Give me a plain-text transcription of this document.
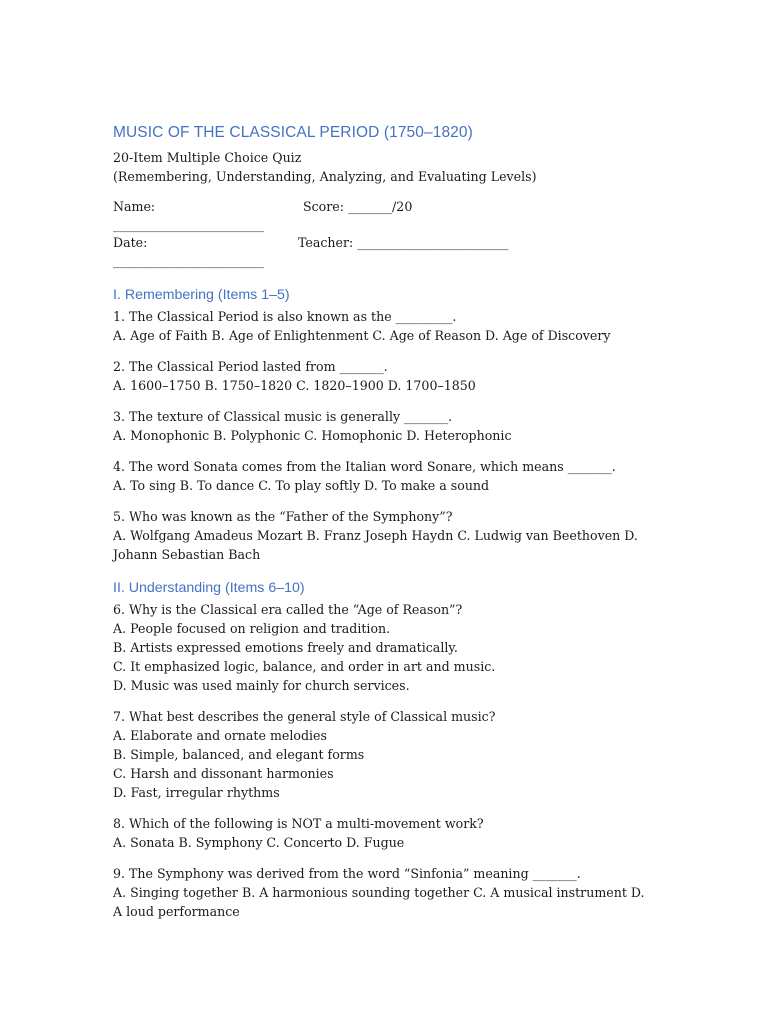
MUSIC OF THE CLASSICAL PERIOD (1750–1820)

20-Item Multiple Choice Quiz

(Remembering, Understanding, Analyzing, and Evaluating Levels)

Name: ________________________
Score: _______/20
Date: ________________________
Teacher: ________________________
I. Remembering (Items 1–5)

1. The Classical Period is also known as the _________.

A. Age of Faith B. Age of Enlightenment C. Age of Reason D. Age of Discovery

2. The Classical Period lasted from _______.

A. 1600–1750 B. 1750–1820 C. 1820–1900 D. 1700–1850

3. The texture of Classical music is generally _______.

A. Monophonic B. Polyphonic C. Homophonic D. Heterophonic

4. The word Sonata comes from the Italian word Sonare, which means _______.

A. To sing B. To dance C. To play softly D. To make a sound

5. Who was known as the “Father of the Symphony”?

A. Wolfgang Amadeus Mozart B. Franz Joseph Haydn C. Ludwig van Beethoven D. Johann Sebastian Bach

II. Understanding (Items 6–10)

6. Why is the Classical era called the “Age of Reason”?

A. People focused on religion and tradition.

B. Artists expressed emotions freely and dramatically.

C. It emphasized logic, balance, and order in art and music.

D. Music was used mainly for church services.

7. What best describes the general style of Classical music?

A. Elaborate and ornate melodies

B. Simple, balanced, and elegant forms

C. Harsh and dissonant harmonies

D. Fast, irregular rhythms

8. Which of the following is NOT a multi-movement work?

A. Sonata B. Symphony C. Concerto D. Fugue

9. The Symphony was derived from the word “Sinfonia” meaning _______.

A. Singing together B. A harmonious sounding together C. A musical instrument D. A loud performance
